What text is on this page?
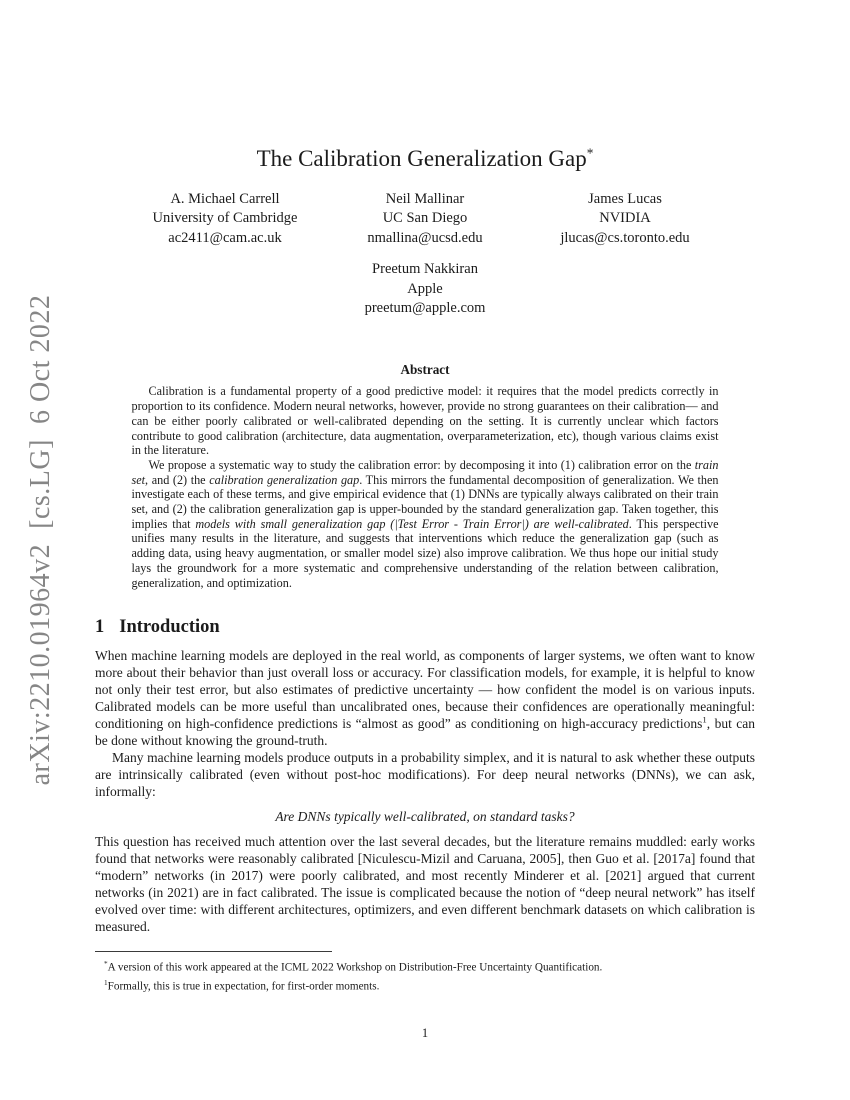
arXiv:2210.01964v2  [cs.LG]  6 Oct 2022
The Calibration Generalization Gap*
A. Michael Carrell
University of Cambridge
ac2411@cam.ac.uk
Neil Mallinar
UC San Diego
nmallina@ucsd.edu
James Lucas
NVIDIA
jlucas@cs.toronto.edu
Preetum Nakkiran
Apple
preetum@apple.com
Abstract

Calibration is a fundamental property of a good predictive model: it requires that the model predicts correctly in proportion to its confidence. Modern neural networks, however, provide no strong guarantees on their calibration— and can be either poorly calibrated or well-calibrated depending on the setting. It is currently unclear which factors contribute to good calibration (architecture, data augmentation, overparameterization, etc), though various claims exist in the literature.

We propose a systematic way to study the calibration error: by decomposing it into (1) calibration error on the train set, and (2) the calibration generalization gap. This mirrors the fundamental decomposition of generalization. We then investigate each of these terms, and give empirical evidence that (1) DNNs are typically always calibrated on their train set, and (2) the calibration generalization gap is upper-bounded by the standard generalization gap. Taken together, this implies that models with small generalization gap (|Test Error - Train Error|) are well-calibrated. This perspective unifies many results in the literature, and suggests that interventions which reduce the generalization gap (such as adding data, using heavy augmentation, or smaller model size) also improve calibration. We thus hope our initial study lays the groundwork for a more systematic and comprehensive understanding of the relation between calibration, generalization, and optimization.

1 Introduction

When machine learning models are deployed in the real world, as components of larger systems, we often want to know more about their behavior than just overall loss or accuracy. For classification models, for example, it is helpful to know not only their test error, but also estimates of predictive uncertainty — how confident the model is on various inputs. Calibrated models can be more useful than uncalibrated ones, because their confidences are operationally meaningful: conditioning on high-confidence predictions is “almost as good” as conditioning on high-accuracy predictions$^1$, but can be done without knowing the ground-truth.

Many machine learning models produce outputs in a probability simplex, and it is natural to ask whether these outputs are intrinsically calibrated (even without post-hoc modifications). For deep neural networks (DNNs), we can ask, informally:

Are DNNs typically well-calibrated, on standard tasks?

This question has received much attention over the last several decades, but the literature remains muddled: early works found that networks were reasonably calibrated [Niculescu-Mizil and Caruana, 2005], then Guo et al. [2017a] found that “modern” networks (in 2017) were poorly calibrated, and most recently Minderer et al. [2021] argued that current networks (in 2021) are in fact calibrated. The issue is complicated because the notion of “deep neural network” has itself evolved over time: with different architectures, optimizers, and even different benchmark datasets on which calibration is measured.

*A version of this work appeared at the ICML 2022 Workshop on Distribution-Free Uncertainty Quantification.

$^1$Formally, this is true in expectation, for first-order moments.

1
